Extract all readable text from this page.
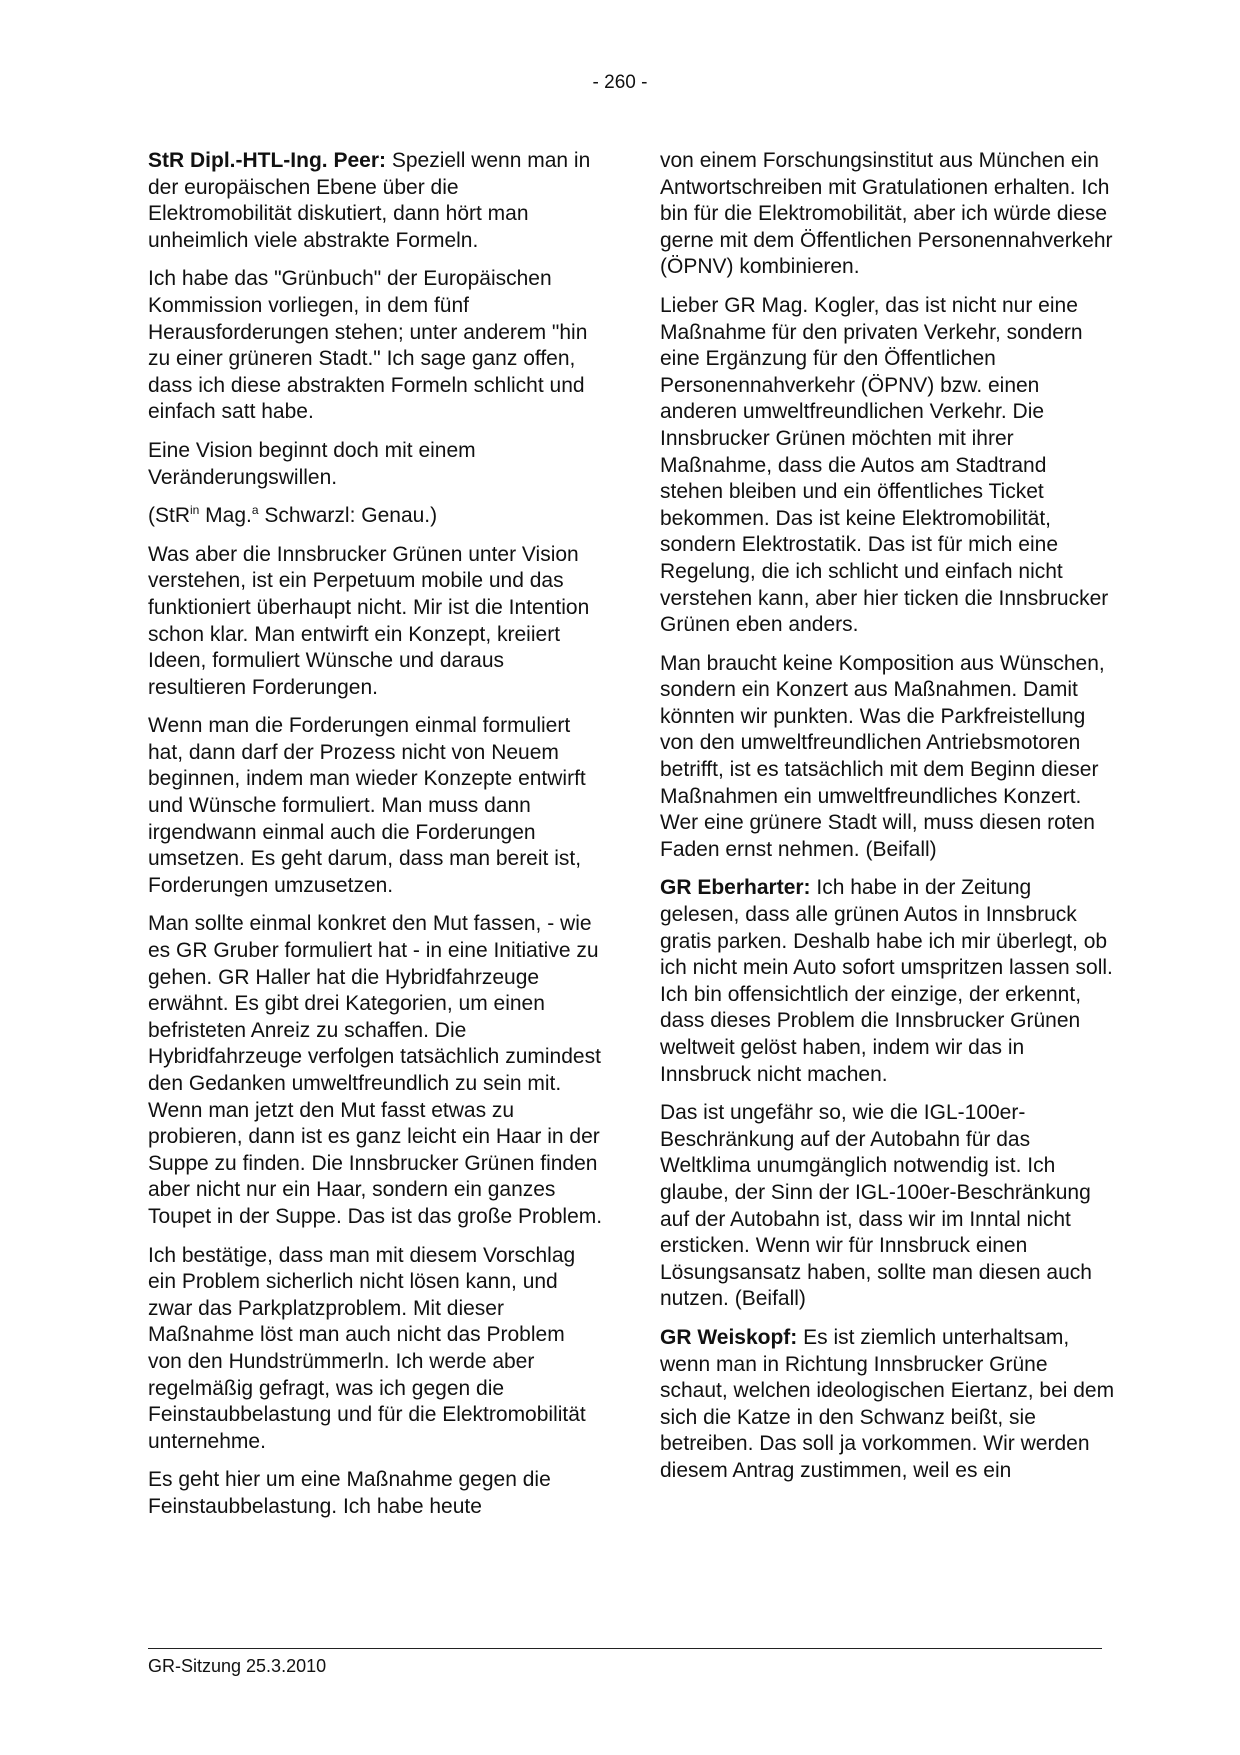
- 260 -

StR Dipl.-HTL-Ing. Peer: Speziell wenn man in der europäischen Ebene über die Elektromobilität diskutiert, dann hört man unheimlich viele abstrakte Formeln.

Ich habe das "Grünbuch" der Europäischen Kommission vorliegen, in dem fünf Herausforderungen stehen; unter anderem "hin zu einer grüneren Stadt." Ich sage ganz offen, dass ich diese abstrakten Formeln schlicht und einfach satt habe.

Eine Vision beginnt doch mit einem Veränderungswillen.

(StR$^{in}$ Mag.$^a$ Schwarzl: Genau.)

Was aber die Innsbrucker Grünen unter Vision verstehen, ist ein Perpetuum mobile und das funktioniert überhaupt nicht. Mir ist die Intention schon klar. Man entwirft ein Konzept, kreiiert Ideen, formuliert Wünsche und daraus resultieren Forderungen.

Wenn man die Forderungen einmal formuliert hat, dann darf der Prozess nicht von Neuem beginnen, indem man wieder Konzepte entwirft und Wünsche formuliert. Man muss dann irgendwann einmal auch die Forderungen umsetzen. Es geht darum, dass man bereit ist, Forderungen umzusetzen.

Man sollte einmal konkret den Mut fassen, - wie es GR Gruber formuliert hat - in eine Initiative zu gehen. GR Haller hat die Hybridfahrzeuge erwähnt. Es gibt drei Kategorien, um einen befristeten Anreiz zu schaffen. Die Hybridfahrzeuge verfolgen tatsächlich zumindest den Gedanken umweltfreundlich zu sein mit. Wenn man jetzt den Mut fasst etwas zu probieren, dann ist es ganz leicht ein Haar in der Suppe zu finden. Die Innsbrucker Grünen finden aber nicht nur ein Haar, sondern ein ganzes Toupet in der Suppe. Das ist das große Problem.

Ich bestätige, dass man mit diesem Vorschlag ein Problem sicherlich nicht lösen kann, und zwar das Parkplatzproblem. Mit dieser Maßnahme löst man auch nicht das Problem von den Hundstrümmerln. Ich werde aber regelmäßig gefragt, was ich gegen die Feinstaubbelastung und für die Elektromobilität unternehme.

Es geht hier um eine Maßnahme gegen die Feinstaubbelastung. Ich habe heute

von einem Forschungsinstitut aus München ein Antwortschreiben mit Gratulationen erhalten. Ich bin für die Elektromobilität, aber ich würde diese gerne mit dem Öffentlichen Personennahverkehr (ÖPNV) kombinieren.

Lieber GR Mag. Kogler, das ist nicht nur eine Maßnahme für den privaten Verkehr, sondern eine Ergänzung für den Öffentlichen Personennahverkehr (ÖPNV) bzw. einen anderen umweltfreundlichen Verkehr. Die Innsbrucker Grünen möchten mit ihrer Maßnahme, dass die Autos am Stadtrand stehen bleiben und ein öffentliches Ticket bekommen. Das ist keine Elektromobilität, sondern Elektrostatik. Das ist für mich eine Regelung, die ich schlicht und einfach nicht verstehen kann, aber hier ticken die Innsbrucker Grünen eben anders.

Man braucht keine Komposition aus Wünschen, sondern ein Konzert aus Maßnahmen. Damit könnten wir punkten. Was die Parkfreistellung von den umweltfreundlichen Antriebsmotoren betrifft, ist es tatsächlich mit dem Beginn dieser Maßnahmen ein umweltfreundliches Konzert. Wer eine grünere Stadt will, muss diesen roten Faden ernst nehmen. (Beifall)

GR Eberharter: Ich habe in der Zeitung gelesen, dass alle grünen Autos in Innsbruck gratis parken. Deshalb habe ich mir überlegt, ob ich nicht mein Auto sofort umspritzen lassen soll. Ich bin offensichtlich der einzige, der erkennt, dass dieses Problem die Innsbrucker Grünen weltweit gelöst haben, indem wir das in Innsbruck nicht machen.

Das ist ungefähr so, wie die IGL-100er-Beschränkung auf der Autobahn für das Weltklima unumgänglich notwendig ist. Ich glaube, der Sinn der IGL-100er-Beschränkung auf der Autobahn ist, dass wir im Inntal nicht ersticken. Wenn wir für Innsbruck einen Lösungsansatz haben, sollte man diesen auch nutzen. (Beifall)

GR Weiskopf: Es ist ziemlich unterhaltsam, wenn man in Richtung Innsbrucker Grüne schaut, welchen ideologischen Eiertanz, bei dem sich die Katze in den Schwanz beißt, sie betreiben. Das soll ja vorkommen. Wir werden diesem Antrag zustimmen, weil es ein

GR-Sitzung 25.3.2010
